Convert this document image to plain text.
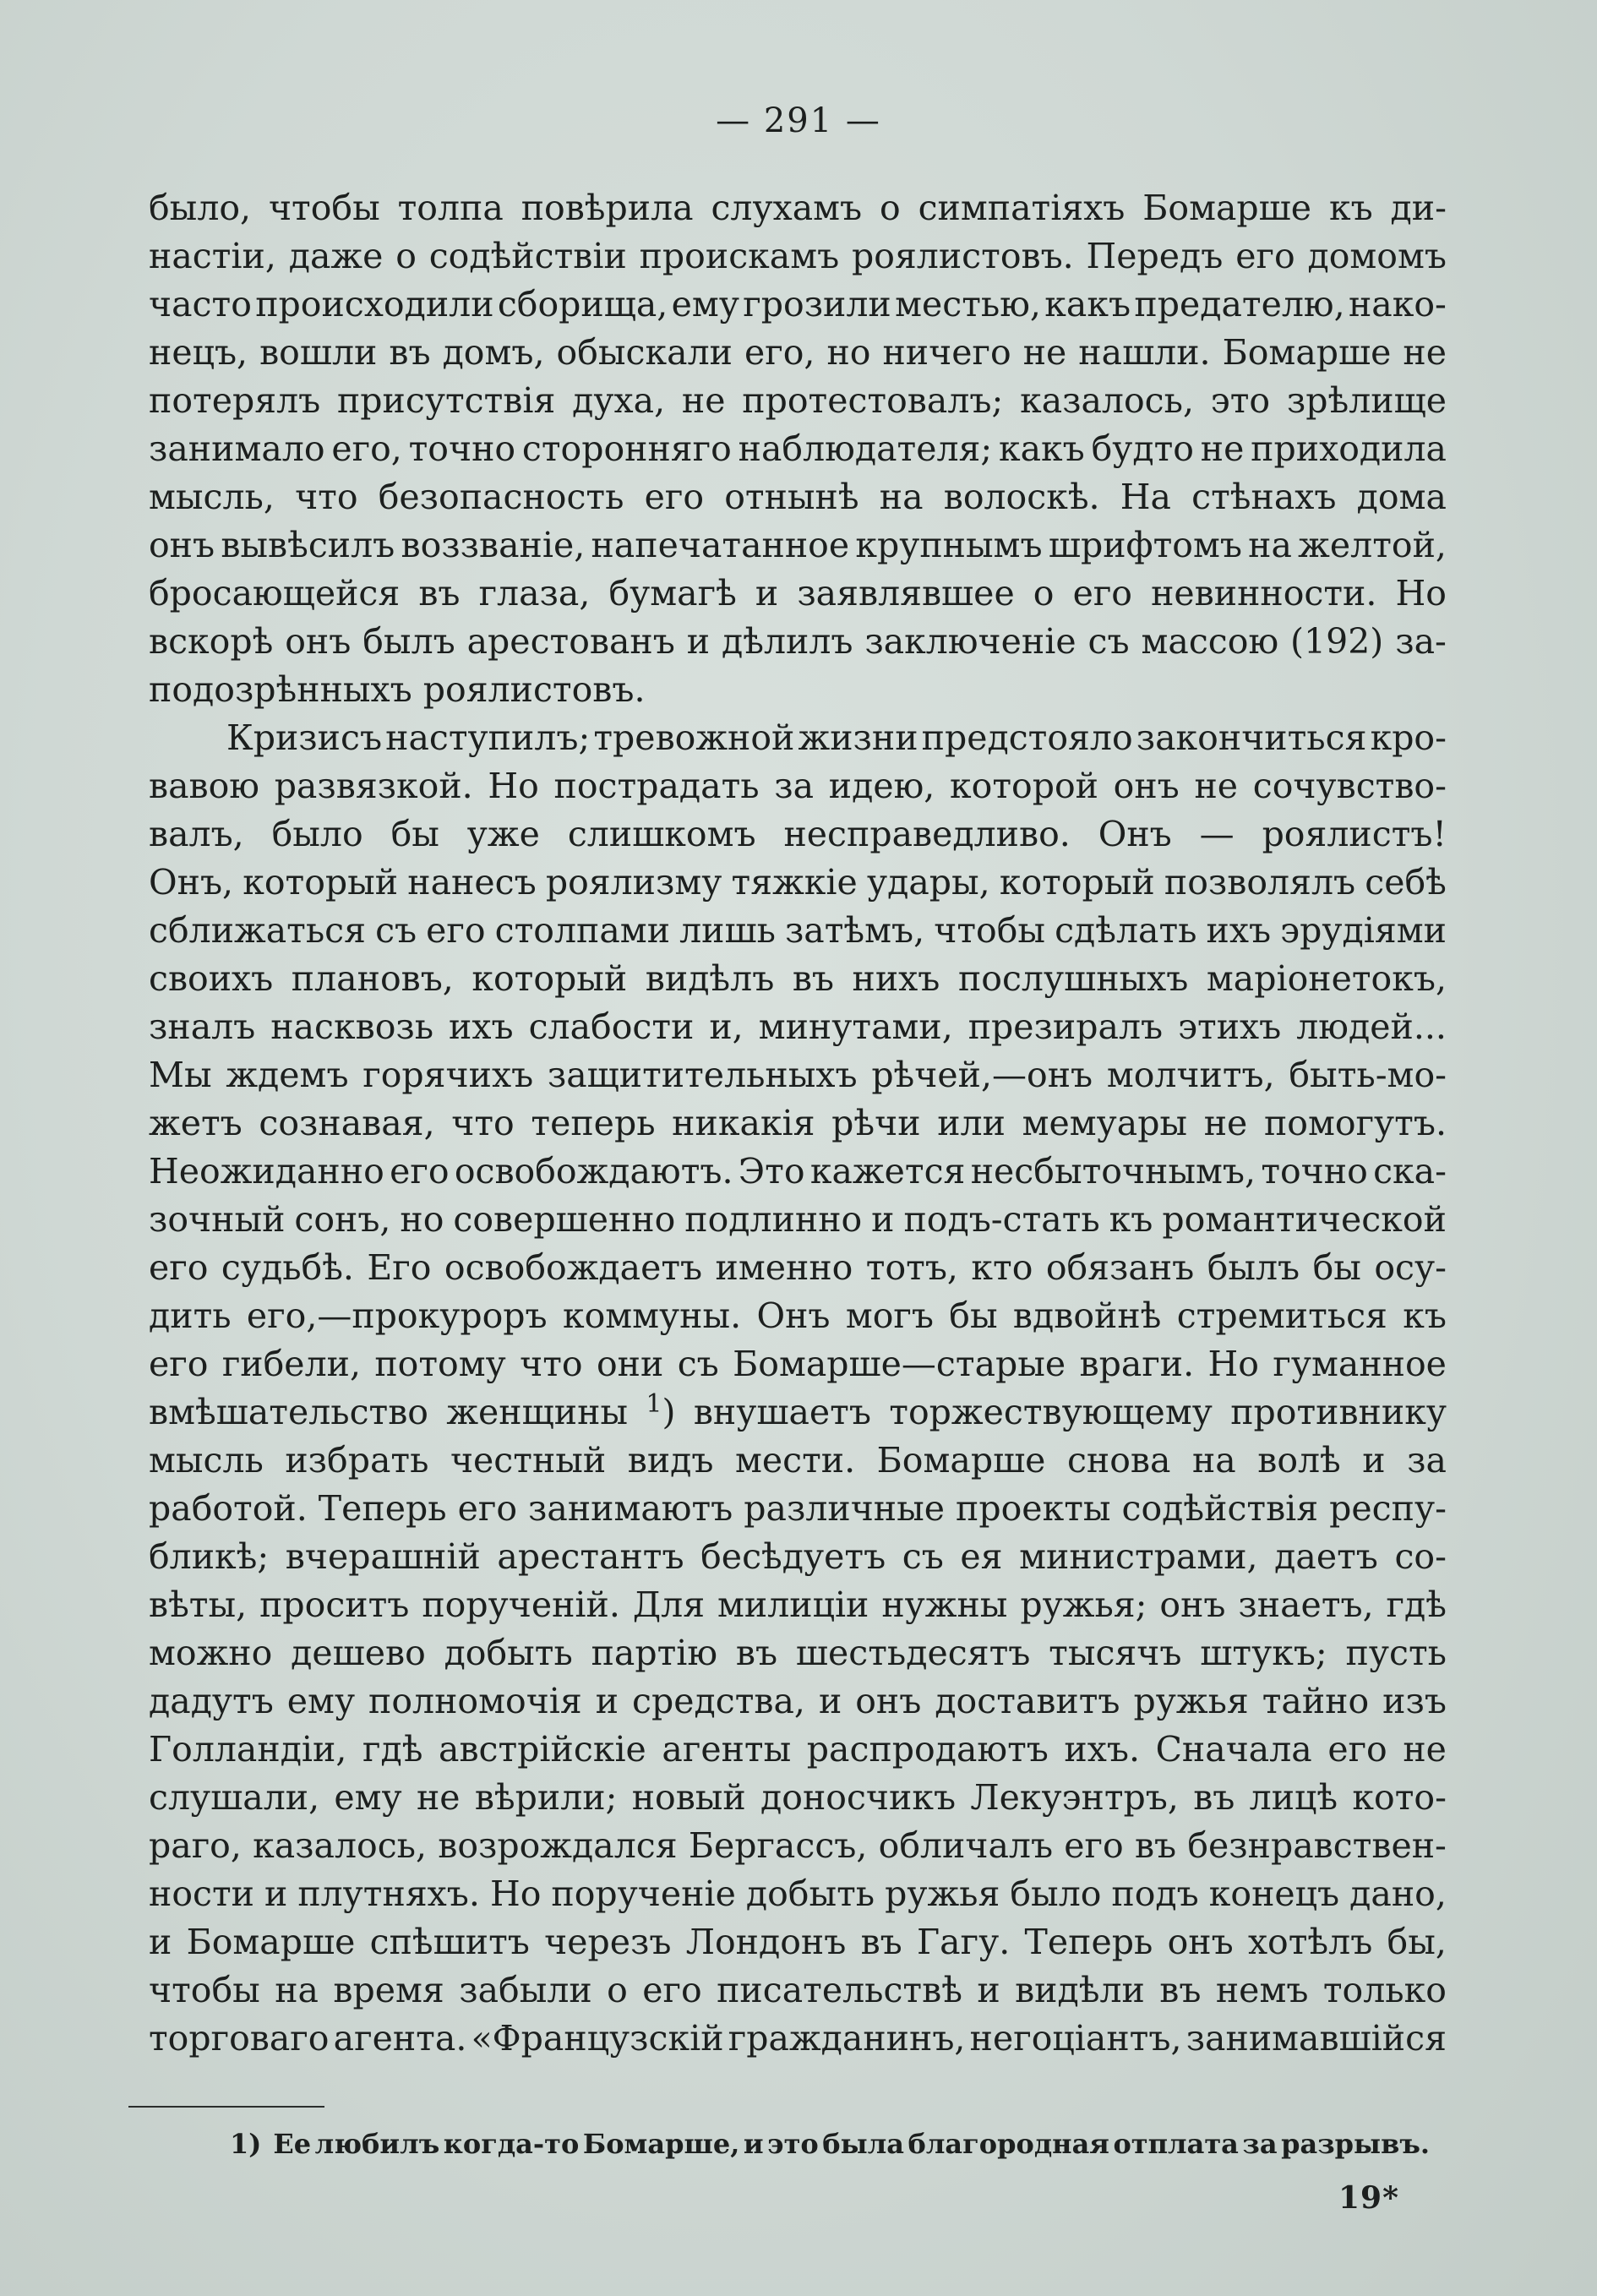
— 291 —
было, чтобы толпа повѣрила слухамъ о симпатіяхъ Бомарше къ ди-
настіи, даже о содѣйствіи проискамъ роялистовъ. Передъ его домомъ
часто происходили сборища, ему грозили местью, какъ предателю, нако-
нецъ, вошли въ домъ, обыскали его, но ничего не нашли. Бомарше не
потерялъ присутствія духа, не протестовалъ; казалось, это зрѣлище
занимало его, точно сторонняго наблюдателя; какъ будто не приходила
мысль, что безопасность его отнынѣ на волоскѣ. На стѣнахъ дома
онъ вывѣсилъ воззваніе, напечатанное крупнымъ шрифтомъ на желтой,
бросающейся въ глаза, бумагѣ и заявлявшее о его невинности. Но
вскорѣ онъ былъ арестованъ и дѣлилъ заключеніе съ массою (192) за-
подозрѣнныхъ роялистовъ.
Кризисъ наступилъ; тревожной жизни предстояло закончиться кро-
вавою развязкой. Но пострадать за идею, которой онъ не сочувство-
валъ, было бы уже слишкомъ несправедливо. Онъ — роялистъ!
Онъ, который нанесъ роялизму тяжкіе удары, который позволялъ себѣ
сближаться съ его столпами лишь затѣмъ, чтобы сдѣлать ихъ эрудіями
своихъ плановъ, который видѣлъ въ нихъ послушныхъ маріонетокъ,
зналъ насквозь ихъ слабости и, минутами, презиралъ этихъ людей...
Мы ждемъ горячихъ защитительныхъ рѣчей,—онъ молчитъ, быть-мо-
жетъ сознавая, что теперь никакія рѣчи или мемуары не помогутъ.
Неожиданно его освобождаютъ. Это кажется несбыточнымъ, точно ска-
зочный сонъ, но совершенно подлинно и подъ-стать къ романтической
его судьбѣ. Его освобождаетъ именно тотъ, кто обязанъ былъ бы осу-
дить его,—прокуроръ коммуны. Онъ могъ бы вдвойнѣ стремиться къ
его гибели, потому что они съ Бомарше—старые враги. Но гуманное
вмѣшательство женщины $^1$) внушаетъ торжествующему противнику
мысль избрать честный видъ мести. Бомарше снова на волѣ и за
работой. Теперь его занимаютъ различные проекты содѣйствія респу-
бликѣ; вчерашній арестантъ бесѣдуетъ съ ея министрами, даетъ со-
вѣты, проситъ порученій. Для милиціи нужны ружья; онъ знаетъ, гдѣ
можно дешево добыть партію въ шестьдесятъ тысячъ штукъ; пусть
дадутъ ему полномочія и средства, и онъ доставитъ ружья тайно изъ
Голландіи, гдѣ австрійскіе агенты распродаютъ ихъ. Сначала его не
слушали, ему не вѣрили; новый доносчикъ Лекуэнтръ, въ лицѣ кото-
раго, казалось, возрождался Бергассъ, обличалъ его въ безнравствен-
ности и плутняхъ. Но порученіе добыть ружья было подъ конецъ дано,
и Бомарше спѣшитъ черезъ Лондонъ въ Гагу. Теперь онъ хотѣлъ бы,
чтобы на время забыли о его писательствѣ и видѣли въ немъ только
торговаго агента. «Французскій гражданинъ, негоціантъ, занимавшійся
1) Ее любилъ когда-то Бомарше, и это была благородная отплата за разрывъ.
19*
